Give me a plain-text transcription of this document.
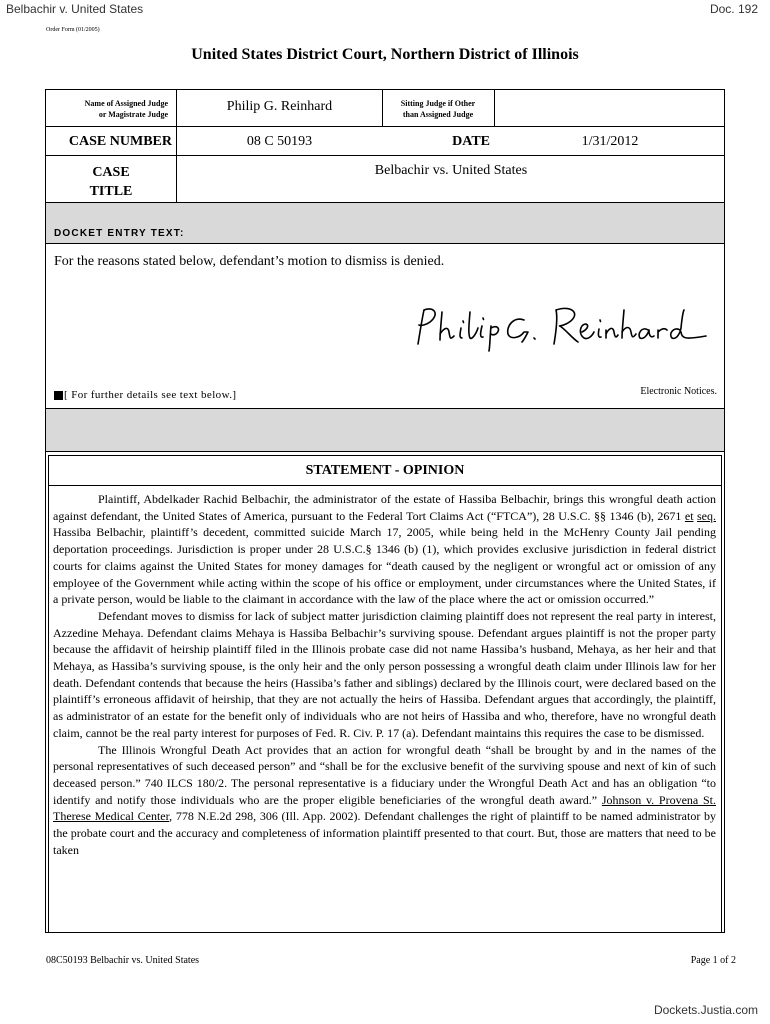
Belbachir v. United States	Doc. 192
Order Form (01/2005)
United States District Court, Northern District of Illinois
Name of Assigned Judge
or Magistrate Judge
Philip G. Reinhard	Sitting Judge if Other
than Assigned Judge
CASE NUMBER	08 C 50193	DATE	1/31/2012
CASE
TITLE
Belbachir vs. United States
DOCKET ENTRY TEXT:
For the reasons stated below, defendant’s motion to dismiss is denied.
[ For further details see text below.]	Electronic Notices.
STATEMENT - OPINION

Plaintiff, Abdelkader Rachid Belbachir, the administrator of the estate of Hassiba Belbachir, brings this wrongful death action against defendant, the United States of America, pursuant to the Federal Tort Claims Act (“FTCA”), 28 U.S.C. §§ 1346 (b), 2671 et seq. Hassiba Belbachir, plaintiff’s decedent, committed suicide March 17, 2005, while being held in the McHenry County Jail pending deportation proceedings. Jurisdiction is proper under 28 U.S.C.§ 1346 (b) (1), which provides exclusive jurisdiction in federal district courts for claims against the United States for money damages for “death caused by the negligent or wrongful act or omission of any employee of the Government while acting within the scope of his office or employment, under circumstances where the United States, if a private person, would be liable to the claimant in accordance with the law of the place where the act or omission occurred.”

Defendant moves to dismiss for lack of subject matter jurisdiction claiming plaintiff does not represent the real party in interest, Azzedine Mehaya. Defendant claims Mehaya is Hassiba Belbachir’s surviving spouse. Defendant argues plaintiff is not the proper party because the affidavit of heirship plaintiff filed in the Illinois probate case did not name Hassiba’s husband, Mehaya, as her heir and that Mehaya, as Hassiba’s surviving spouse, is the only heir and the only person possessing a wrongful death claim under Illinois law for her death. Defendant contends that because the heirs (Hassiba’s father and siblings) declared by the Illinois court, were declared based on the plaintiff’s erroneous affidavit of heirship, that they are not actually the heirs of Hassiba. Defendant argues that accordingly, the plaintiff, as administrator of an estate for the benefit only of individuals who are not heirs of Hassiba and who, therefore, have no wrongful death claim, cannot be the real party interest for purposes of Fed. R. Civ. P. 17 (a). Defendant maintains this requires the case to be dismissed.

The Illinois Wrongful Death Act provides that an action for wrongful death “shall be brought by and in the names of the personal representatives of such deceased person” and “shall be for the exclusive benefit of the surviving spouse and next of kin of such deceased person.” 740 ILCS 180/2. The personal representative is a fiduciary under the Wrongful Death Act and has an obligation “to identify and notify those individuals who are the proper eligible beneficiaries of the wrongful death award.” Johnson v. Provena St. Therese Medical Center, 778 N.E.2d 298, 306 (Ill. App. 2002). Defendant challenges the right of plaintiff to be named administrator by the probate court and the accuracy and completeness of information plaintiff presented to that court. But, those are matters that need to be taken

08C50193 Belbachir vs. United States	Page 1 of 2
Dockets.Justia.com
